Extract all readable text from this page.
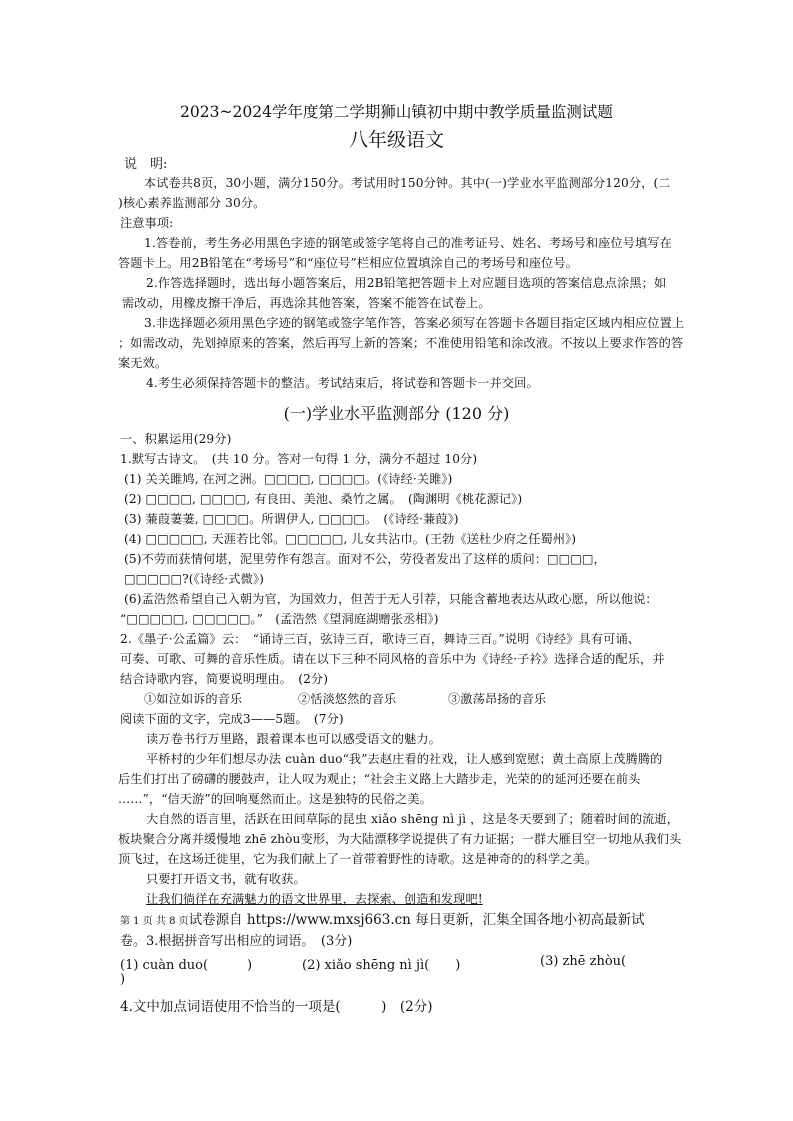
2023~2024学年度第二学期狮山镇初中期中教学质量监测试题
八年级语文
说　明:
本试卷共8页，30小题，满分150分。考试用时150分钟。其中(一)学业水平监测部分120分，(二
)核心素养监测部分 30分。
注意事项:
1.答卷前，考生务必用黑色字迹的钢笔或签字笔将自己的准考证号、姓名、考场号和座位号填写在
答题卡上。用2B铅笔在“考场号”和“座位号”栏相应位置填涂自己的考场号和座位号。
2.作答选择题时，选出每小题答案后，用2B铅笔把答题卡上对应题目选项的答案信息点涂黑；如
需改动，用橡皮擦干净后，再选涂其他答案，答案不能答在试卷上。
3.非选择题必须用黑色字迹的钢笔或签字笔作答，答案必须写在答题卡各题目指定区域内相应位置上
；如需改动，先划掉原来的答案，然后再写上新的答案；不准使用铅笔和涂改液。不按以上要求作答的答
案无效。
4.考生必须保持答题卡的整洁。考试结束后，将试卷和答题卡一并交回。
(一)学业水平监测部分 (120 分)
一、积累运用(29分)
1.默写古诗文。　(共 10 分。答对一句得 1 分，满分不超过 10分)
(1) 关关雎鸠, 在河之洲。□□□□, □□□□。(《诗经·关雎》)
(2) □□□□, □□□□, 有良田、美池、桑竹之属。　(陶渊明《桃花源记》)
(3) 蒹葭萋萋, □□□□。所谓伊人, □□□□。　(《诗经·蒹葭》)
(4) □□□□□, 天涯若比邻。□□□□□, 儿女共沾巾。(王勃《送杜少府之任蜀州》)
(5)不劳而获情何堪，泥里劳作有怨言。面对不公，劳役者发出了这样的质问：□□□□，
□□□□□?(《诗经·式微》)
(6)孟浩然希望自己入朝为官，为国效力，但苦于无人引荐，只能含蓄地表达从政心愿，所以他说：
“□□□□□, □□□□□。”　(孟浩然《望洞庭湖赠张丞相》)
2.《墨子·公孟篇》云：　“诵诗三百，弦诗三百，歌诗三百，舞诗三百。”说明《诗经》具有可诵、
可奏、可歌、可舞的音乐性质。请在以下三种不同风格的音乐中为《诗经·子衿》选择合适的配乐，并
结合诗歌内容，简要说明理由。　(2分)
①如泣如诉的音乐	②恬淡悠然的音乐	③激荡昂扬的音乐
阅读下面的文字，完成3——5题。　(7分)
读万卷书行万里路，跟着课本也可以感受语文的魅力。
平桥村的少年们想尽办法 cuàn duo“我”去赵庄看的社戏，让人感到宽慰；黄土高原上茂腾腾的
后生们打出了磅礴的腰鼓声，让人叹为观止；“社会主义路上大踏步走，光荣的的延河还要在前头
……”，“信天游”的回响戛然而止。这是独特的民俗之美。
大自然的语言里，活跃在田间草际的昆虫 xiǎo shēng nì jì ，这是冬天要到了；随着时间的流逝，
板块聚合分离并缓慢地 zhē zhòu变形，为大陆漂移学说提供了有力证据；一群大雁目空一切地从我们头
顶飞过，在这场迁徙里，它为我们献上了一首带着野性的诗歌。这是神奇的的科学之美。
只要打开语文书，就有收获。
让我们徜徉在充满魅力的语文世界里，去探索、创造和发现吧!
第 1 页 共 8 页试卷源自 https://www.mxsj663.cn 每日更新，汇集全国各地小初高最新试
卷。3.根据拼音写出相应的词语。　(3分)
(1) cuàn duo(　　　)	(2) xiǎo shēng nì jì(　　)	(3) zhē zhòu(
)
4.文中加点词语使用不恰当的一项是(　　　)　(2分)
